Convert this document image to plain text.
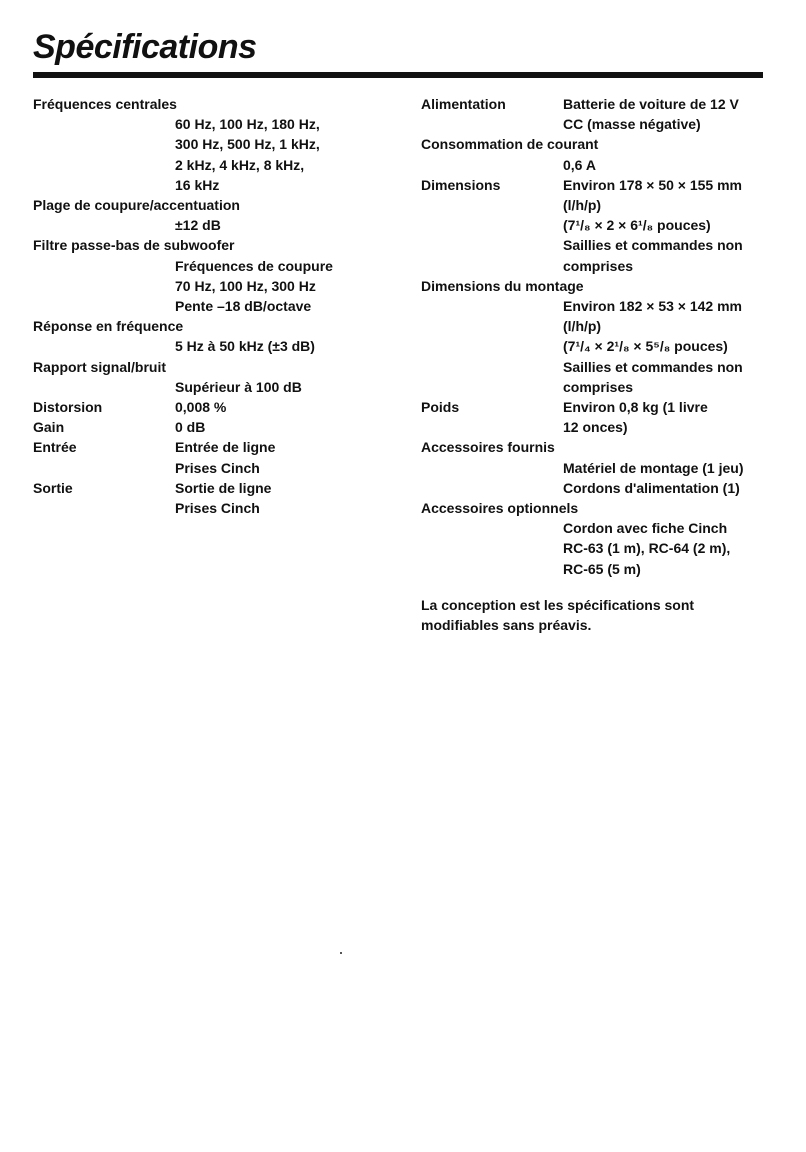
Spécifications
Fréquences centrales
60 Hz, 100 Hz, 180 Hz,
300 Hz, 500 Hz, 1 kHz,
2 kHz, 4 kHz, 8 kHz,
16 kHz
Plage de coupure/accentuation
±12 dB
Filtre passe-bas de subwoofer
Fréquences de coupure
70 Hz, 100 Hz, 300 Hz
Pente –18 dB/octave
Réponse en fréquence
5 Hz à 50 kHz (±3 dB)
Rapport signal/bruit
Supérieur à 100 dB
Distorsion	0,008 %
Gain	0 dB
Entrée	Entrée de ligne
Prises Cinch
Sortie	Sortie de ligne
Prises Cinch
Alimentation	Batterie de voiture de 12 V
CC (masse négative)
Consommation de courant
0,6 A
Dimensions	Environ 178 × 50 × 155 mm
(l/h/p)
(7¹/₈ × 2 × 6¹/₈ pouces)
Saillies et commandes non
comprises
Dimensions du montage
Environ 182 × 53 × 142 mm
(l/h/p)
(7¹/₄ × 2¹/₈ × 5⁵/₈ pouces)
Saillies et commandes non
comprises
Poids	Environ 0,8 kg (1 livre
12 onces)
Accessoires fournis
Matériel de montage (1 jeu)
Cordons d'alimentation (1)
Accessoires optionnels
Cordon avec fiche Cinch
RC-63 (1 m), RC-64 (2 m),
RC-65 (5 m)
La conception est les spécifications sont
modifiables sans préavis.
